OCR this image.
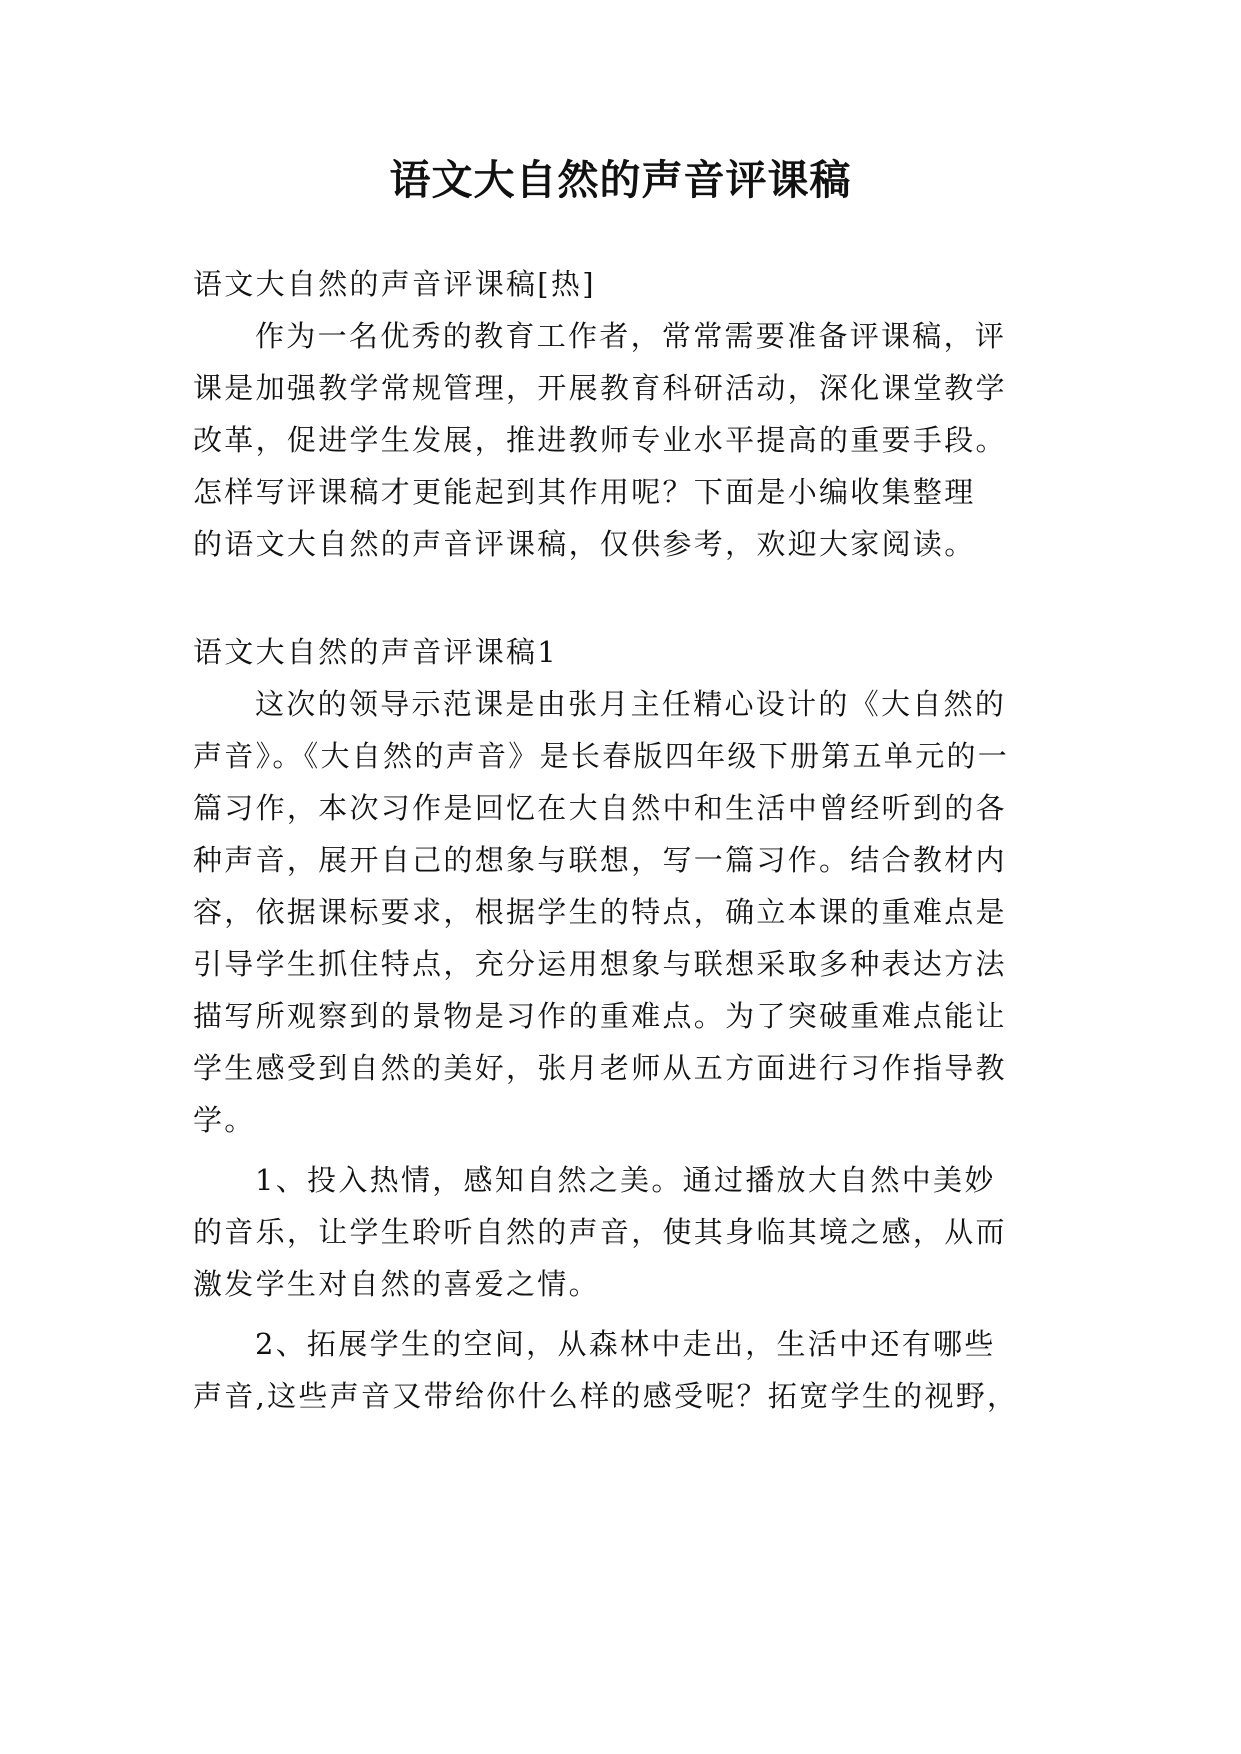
语文大自然的声音评课稿
语文大自然的声音评课稿[热]
作为一名优秀的教育工作者，常常需要准备评课稿，评
课是加强教学常规管理，开展教育科研活动，深化课堂教学
改革，促进学生发展，推进教师专业水平提高的重要手段。
怎样写评课稿才更能起到其作用呢？下面是小编收集整理
的语文大自然的声音评课稿，仅供参考，欢迎大家阅读。
语文大自然的声音评课稿1
这次的领导示范课是由张月主任精心设计的《大自然的
声音》。《大自然的声音》是长春版四年级下册第五单元的一
篇习作，本次习作是回忆在大自然中和生活中曾经听到的各
种声音，展开自己的想象与联想，写一篇习作。结合教材内
容，依据课标要求，根据学生的特点，确立本课的重难点是
引导学生抓住特点，充分运用想象与联想采取多种表达方法
描写所观察到的景物是习作的重难点。为了突破重难点能让
学生感受到自然的美好，张月老师从五方面进行习作指导教
学。
1、投入热情，感知自然之美。通过播放大自然中美妙
的音乐，让学生聆听自然的声音，使其身临其境之感，从而
激发学生对自然的喜爱之情。
2、拓展学生的空间，从森林中走出，生活中还有哪些
声音,这些声音又带给你什么样的感受呢？拓宽学生的视野，
